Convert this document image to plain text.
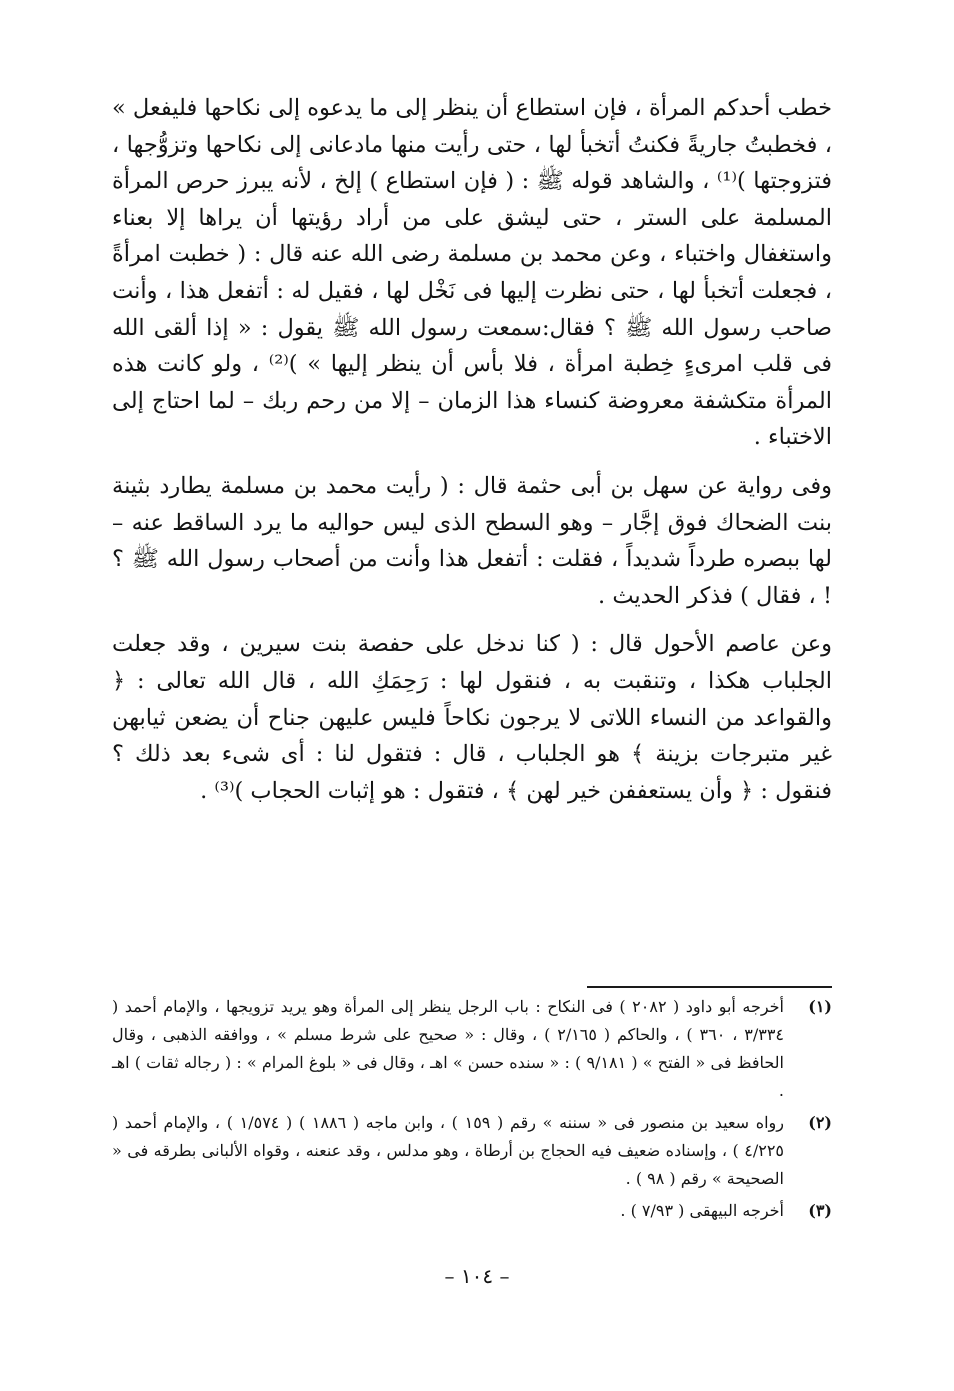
خطب أحدكم المرأة ، فإن استطاع أن ينظر إلى ما يدعوه إلى نكاحها فليفعل » ، فخطبتُ جاريةً فكنتُ أتخبأ لها ، حتى رأيت منها مادعانى إلى نكاحها وتزوُّجها ، فتزوجتها )⁽¹⁾ ، والشاهد قوله ﷺ : ( فإن استطاع ) إلخ ، لأنه يبرز حرص المرأة المسلمة على الستر ، حتى ليشق على من أراد رؤيتها أن يراها إلا بعناء واستغفال واختباء ، وعن محمد بن مسلمة رضى الله عنه قال : ( خطبت امرأةً ، فجعلت أتخبأ لها ، حتى نظرت إليها فى نَخْل لها ، فقيل له : أتفعل هذا ، وأنت صاحب رسول الله ﷺ ؟ فقال:سمعت رسول الله ﷺ يقول : « إذا ألقى الله فى قلب امرىءٍ خِطبة امرأة ، فلا بأس أن ينظر إليها » )⁽²⁾ ، ولو كانت هذه المرأة متكشفة معروضة كنساء هذا الزمان – إلا من رحم ربك – لما احتاج إلى الاختباء .

وفى رواية عن سهل بن أبى حثمة قال : ( رأيت محمد بن مسلمة يطارد بثينة بنت الضحاك فوق إجَّار – وهو السطح الذى ليس حواليه ما يرد الساقط عنه – لها ببصره طرداً شديداً ، فقلت : أتفعل هذا وأنت من أصحاب رسول الله ﷺ ؟ ! ، فقال ) فذكر الحديث .

وعن عاصم الأحول قال : ( كنا ندخل على حفصة بنت سيرين ، وقد جعلت الجلباب هكذا ، وتنقبت به ، فنقول لها : رَحِمَكِ الله ، قال الله تعالى : ﴿ والقواعد من النساء اللاتى لا يرجون نكاحاً فليس عليهن جناح أن يضعن ثيابهن غير متبرجات بزينة ﴾ هو الجلباب ، قال : فتقول لنا : أى شىء بعد ذلك ؟ فنقول : ﴿ وأن يستعففن خير لهن ﴾ ، فتقول : هو إثبات الحجاب )⁽³⁾ .

(١)
أخرجه أبو داود ( ٢٠٨٢ ) فى النكاح : باب الرجل ينظر إلى المرأة وهو يريد تزويجها ، والإمام أحمد ( ٣/٣٣٤ ، ٣٦٠ ) ، والحاكم ( ٢/١٦٥ ) ، وقال : « صحيح على شرط مسلم » ، ووافقه الذهبى ، وقال الحافظ فى « الفتح » ( ٩/١٨١ ) : « سنده حسن » اهـ ، وقال فى « بلوغ المرام » : ( رجاله ثقات ) اهـ .
(٢)
رواه سعيد بن منصور فى « سننه » رقم ( ١٥٩ ) ، وابن ماجه ( ١٨٨٦ ) ( ١/٥٧٤ ) ، والإمام أحمد ( ٤/٢٢٥ ) ، وإسناده ضعيف فيه الحجاج بن أرطاة ، وهو مدلس ، وقد عنعنه ، وقواه الألبانى بطرقه فى « الصحيحة » رقم ( ٩٨ ) .
(٣)
أخرجه البيهقى ( ٧/٩٣ ) .
– ١٠٤ –
